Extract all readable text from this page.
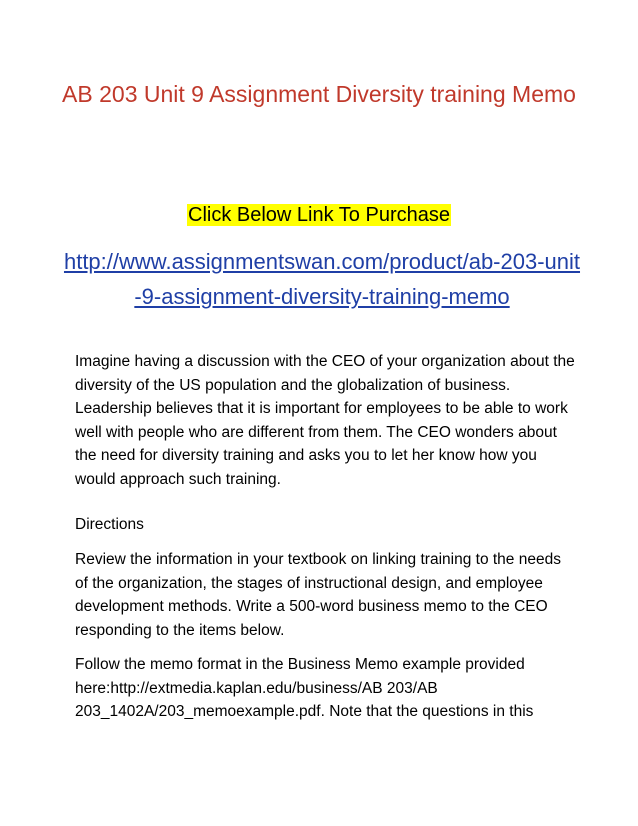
AB 203 Unit 9 Assignment Diversity training Memo
Click Below Link To Purchase
http://www.assignmentswan.com/product/ab-203-unit-9-assignment-diversity-training-memo

Imagine having a discussion with the CEO of your organization about the diversity of the US population and the globalization of business. Leadership believes that it is important for employees to be able to work well with people who are different from them. The CEO wonders about the need for diversity training and asks you to let her know how you would approach such training.

Directions

Review the information in your textbook on linking training to the needs of the organization, the stages of instructional design, and employee development methods. Write a 500-word business memo to the CEO responding to the items below.

Follow the memo format in the Business Memo example provided here:http://extmedia.kaplan.edu/business/AB 203/AB 203_1402A/203_memoexample.pdf. Note that the questions in this
